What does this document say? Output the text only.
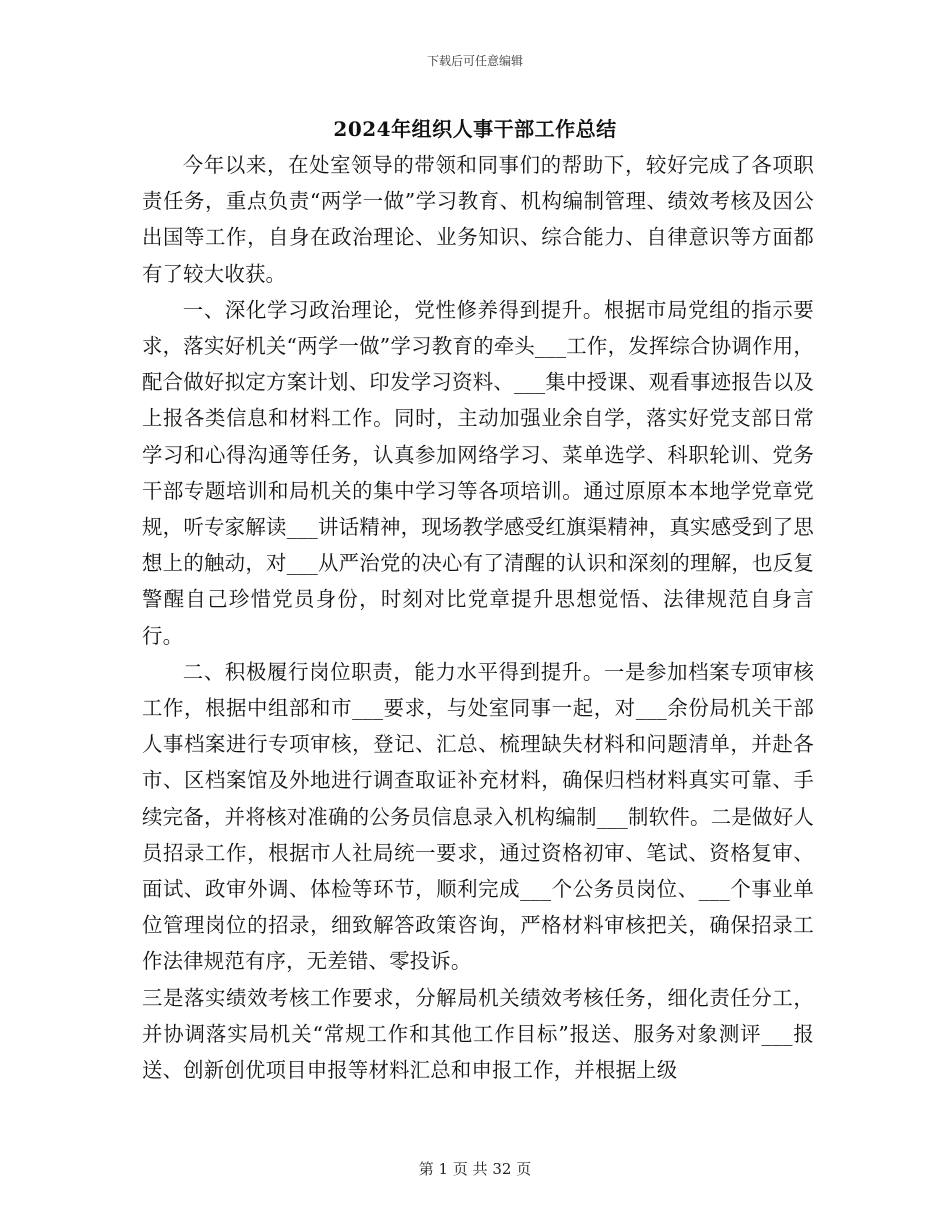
下载后可任意编辑
2024年组织人事干部工作总结

今年以来，在处室领导的带领和同事们的帮助下，较好完成了各项职责任务，重点负责“两学一做”学习教育、机构编制管理、绩效考核及因公出国等工作，自身在政治理论、业务知识、综合能力、自律意识等方面都有了较大收获。

一、深化学习政治理论，党性修养得到提升。根据市局党组的指示要求，落实好机关“两学一做”学习教育的牵头___工作，发挥综合协调作用，配合做好拟定方案计划、印发学习资料、___集中授课、观看事迹报告以及上报各类信息和材料工作。同时，主动加强业余自学，落实好党支部日常学习和心得沟通等任务，认真参加网络学习、菜单选学、科职轮训、党务干部专题培训和局机关的集中学习等各项培训。通过原原本本地学党章党规，听专家解读___讲话精神，现场教学感受红旗渠精神，真实感受到了思想上的触动，对___从严治党的决心有了清醒的认识和深刻的理解，也反复警醒自己珍惜党员身份，时刻对比党章提升思想觉悟、法律规范自身言行。

二、积极履行岗位职责，能力水平得到提升。一是参加档案专项审核工作，根据中组部和市___要求，与处室同事一起，对___余份局机关干部人事档案进行专项审核，登记、汇总、梳理缺失材料和问题清单，并赴各市、区档案馆及外地进行调查取证补充材料，确保归档材料真实可靠、手续完备，并将核对准确的公务员信息录入机构编制___制软件。二是做好人员招录工作，根据市人社局统一要求，通过资格初审、笔试、资格复审、面试、政审外调、体检等环节，顺利完成___个公务员岗位、___个事业单位管理岗位的招录，细致解答政策咨询，严格材料审核把关，确保招录工作法律规范有序，无差错、零投诉。

三是落实绩效考核工作要求，分解局机关绩效考核任务，细化责任分工，并协调落实局机关“常规工作和其他工作目标”报送、服务对象测评___报送、创新创优项目申报等材料汇总和申报工作，并根据上级

第 1 页 共 32 页
